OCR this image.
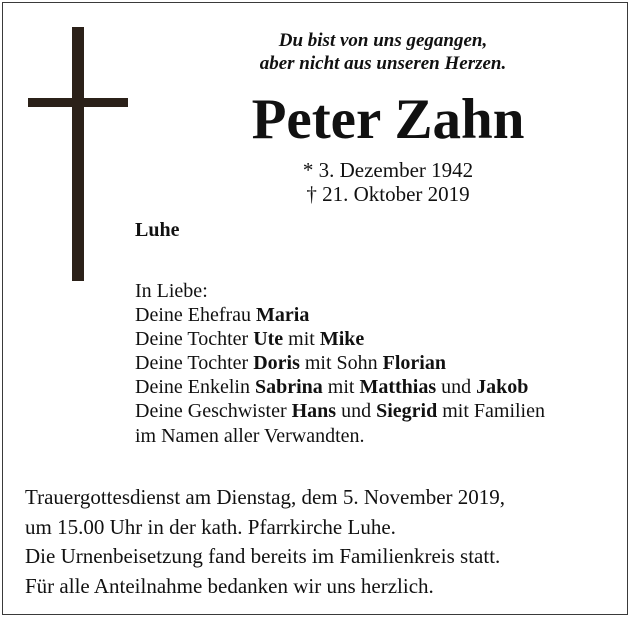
Du bist von uns gegangen,
aber nicht aus unseren Herzen.
Peter Zahn
* 3. Dezember 1942
† 21. Oktober 2019
Luhe
In Liebe:
Deine Ehefrau Maria
Deine Tochter Ute mit Mike
Deine Tochter Doris mit Sohn Florian
Deine Enkelin Sabrina mit Matthias und Jakob
Deine Geschwister Hans und Siegrid mit Familien
im Namen aller Verwandten.
Trauergottesdienst am Dienstag, dem 5. November 2019,
um 15.00 Uhr in der kath. Pfarrkirche Luhe.
Die Urnenbeisetzung fand bereits im Familienkreis statt.
Für alle Anteilnahme bedanken wir uns herzlich.
